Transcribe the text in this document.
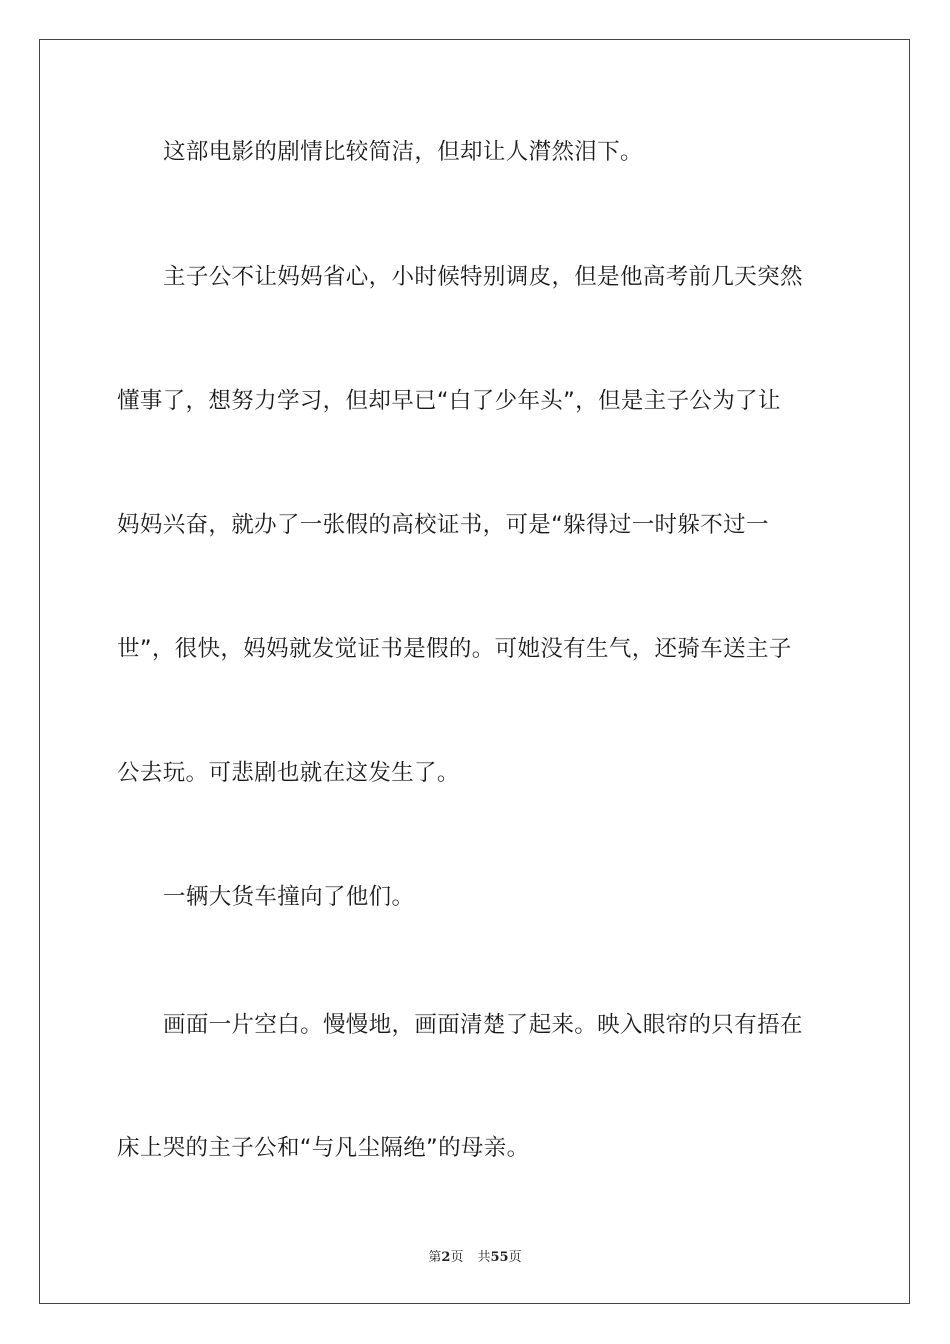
这部电影的剧情比较简洁，但却让人潸然泪下。
主子公不让妈妈省心，小时候特别调皮，但是他高考前几天突然
懂事了，想努力学习，但却早已“白了少年头”，但是主子公为了让
妈妈兴奋，就办了一张假的高校证书，可是“躲得过一时躲不过一
世”，很快，妈妈就发觉证书是假的。可她没有生气，还骑车送主子
公去玩。可悲剧也就在这发生了。
一辆大货车撞向了他们。
画面一片空白。慢慢地，画面清楚了起来。映入眼帘的只有捂在
床上哭的主子公和“与凡尘隔绝”的母亲。
第2页 共55页
